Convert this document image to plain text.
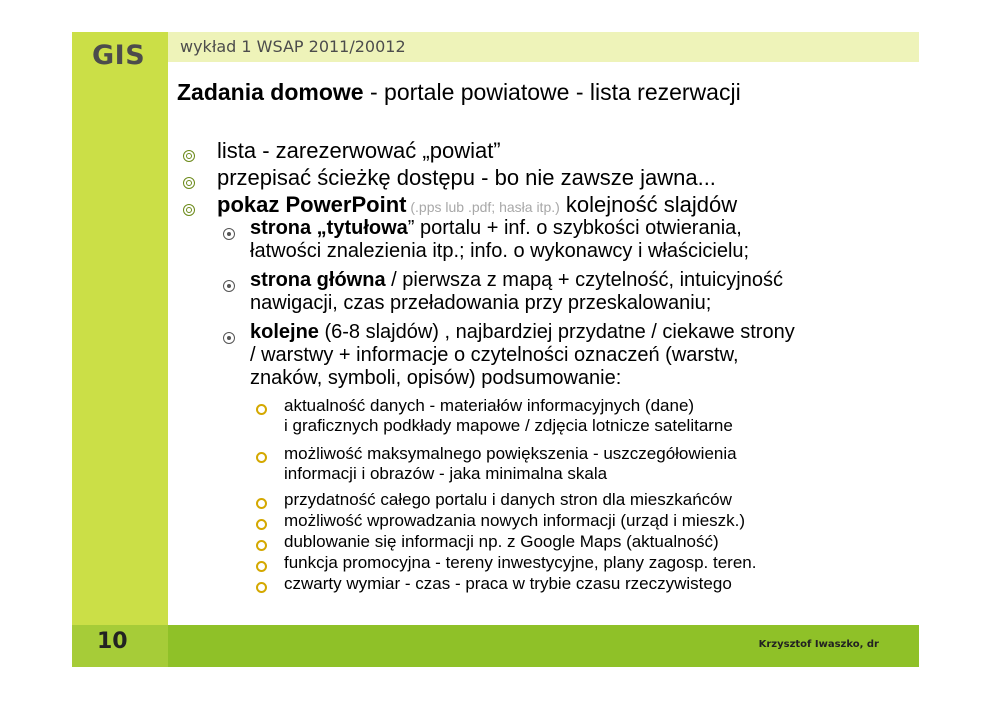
GIS wykład 1 WSAP 2011/20012
Zadania domowe - portale powiatowe - lista rezerwacji
lista - zarezerwować „powiat”
przepisać ścieżkę dostępu - bo nie zawsze jawna...
pokaz PowerPoint (.pps lub .pdf; hasła itp.) kolejność slajdów
strona „tytułowa” portalu + inf. o szybkości otwierania,
łatwości znalezienia itp.; info. o wykonawcy i właścicielu;
strona główna / pierwsza z mapą + czytelność, intuicyjność
nawigacji, czas przeładowania przy przeskalowaniu;
kolejne (6-8 slajdów) , najbardziej przydatne / ciekawe strony
/ warstwy + informacje o czytelności oznaczeń (warstw,
znaków, symboli, opisów) podsumowanie:
aktualność danych - materiałów informacyjnych (dane)
i graficznych podkłady mapowe / zdjęcia lotnicze satelitarne
możliwość maksymalnego powiększenia - uszczegółowienia
informacji i obrazów - jaka minimalna skala
przydatność całego portalu i danych stron dla mieszkańców
możliwość wprowadzania nowych informacji (urząd i mieszk.)
dublowanie się informacji np. z Google Maps (aktualność)
funkcja promocyjna - tereny inwestycyjne, plany zagosp. teren.
czwarty wymiar - czas - praca w trybie czasu rzeczywistego
10	Krzysztof Iwaszko, dr
